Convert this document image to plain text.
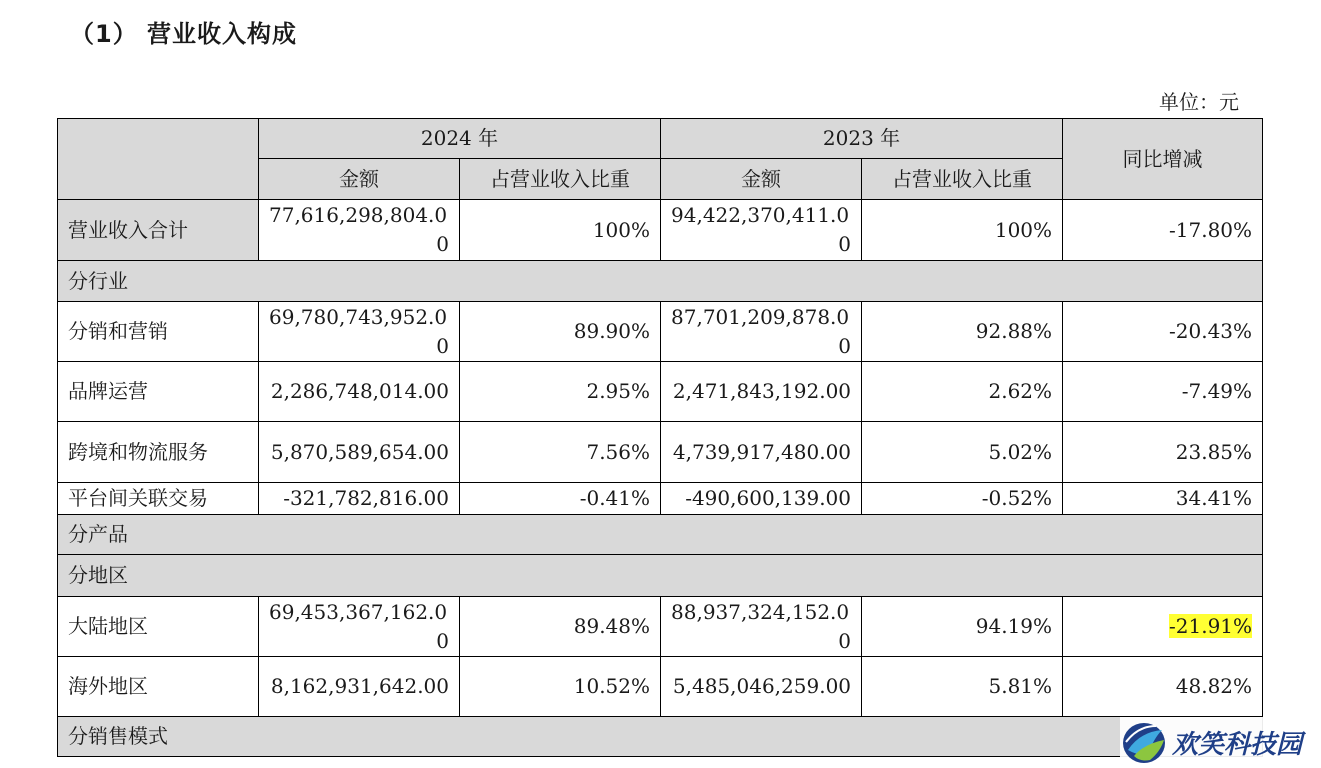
（1） 营业收入构成
单位：元
	2024 年		2023 年		同比增减
	金额	占营业收入比重	金额	占营业收入比重	
营业收入合计	77,616,298,804.00	100%	94,422,370,411.00	100%	-17.80%
分行业					
分销和营销	69,780,743,952.00	89.90%	87,701,209,878.00	92.88%	-20.43%
品牌运营	2,286,748,014.00	2.95%	2,471,843,192.00	2.62%	-7.49%
跨境和物流服务	5,870,589,654.00	7.56%	4,739,917,480.00	5.02%	23.85%
平台间关联交易	-321,782,816.00	-0.41%	-490,600,139.00	-0.52%	34.41%
分产品					
分地区					
大陆地区	69,453,367,162.00	89.48%	88,937,324,152.00	94.19%	-21.91%
海外地区	8,162,931,642.00	10.52%	5,485,046,259.00	5.81%	48.82%
分销售模式						欢笑科技园
